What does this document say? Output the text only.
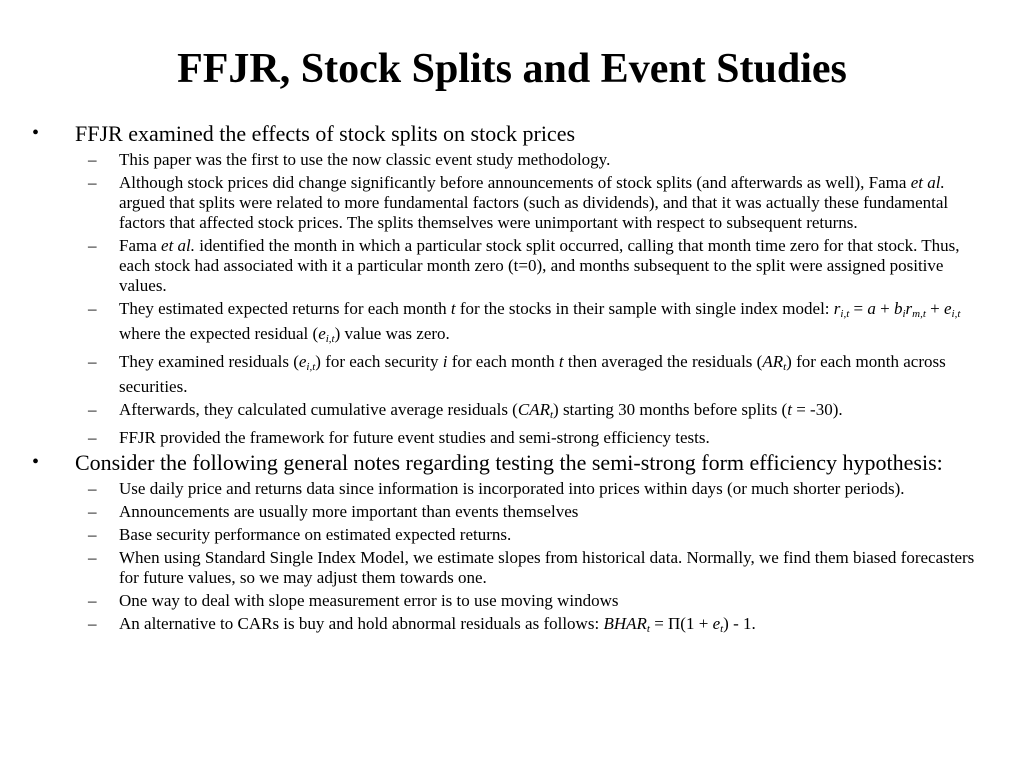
FFJR, Stock Splits and Event Studies
• FFJR examined the effects of stock splits on stock prices
– This paper was the first to use the now classic event study methodology.
– Although stock prices did change significantly before announcements of stock splits (and afterwards as well), Fama et al. argued that splits were related to more fundamental factors (such as dividends), and that it was actually these fundamental factors that affected stock prices. The splits themselves were unimportant with respect to subsequent returns.
– Fama et al. identified the month in which a particular stock split occurred, calling that month time zero for that stock. Thus, each stock had associated with it a particular month zero (t=0), and months subsequent to the split were assigned positive values.
– They estimated expected returns for each month t for the stocks in their sample with single index model: $r_{i,t} = a + b_ir_{m,t} + e_{i,t}$ where the expected residual $(e_{i,t})$ value was zero.
– They examined residuals $(e_{i,t})$ for each security i for each month t then averaged the residuals $(AR_t)$ for each month across securities.
– Afterwards, they calculated cumulative average residuals $(CAR_t)$ starting 30 months before splits (t = -30).
– FFJR provided the framework for future event studies and semi-strong efficiency tests.
• Consider the following general notes regarding testing the semi-strong form efficiency hypothesis:
– Use daily price and returns data since information is incorporated into prices within days (or much shorter periods).
– Announcements are usually more important than events themselves
– Base security performance on estimated expected returns.
– When using Standard Single Index Model, we estimate slopes from historical data. Normally, we find them biased forecasters for future values, so we may adjust them towards one.
– One way to deal with slope measurement error is to use moving windows
– An alternative to CARs is buy and hold abnormal residuals as follows: $BHAR_t = \Pi(1 + e_t) - 1$.
